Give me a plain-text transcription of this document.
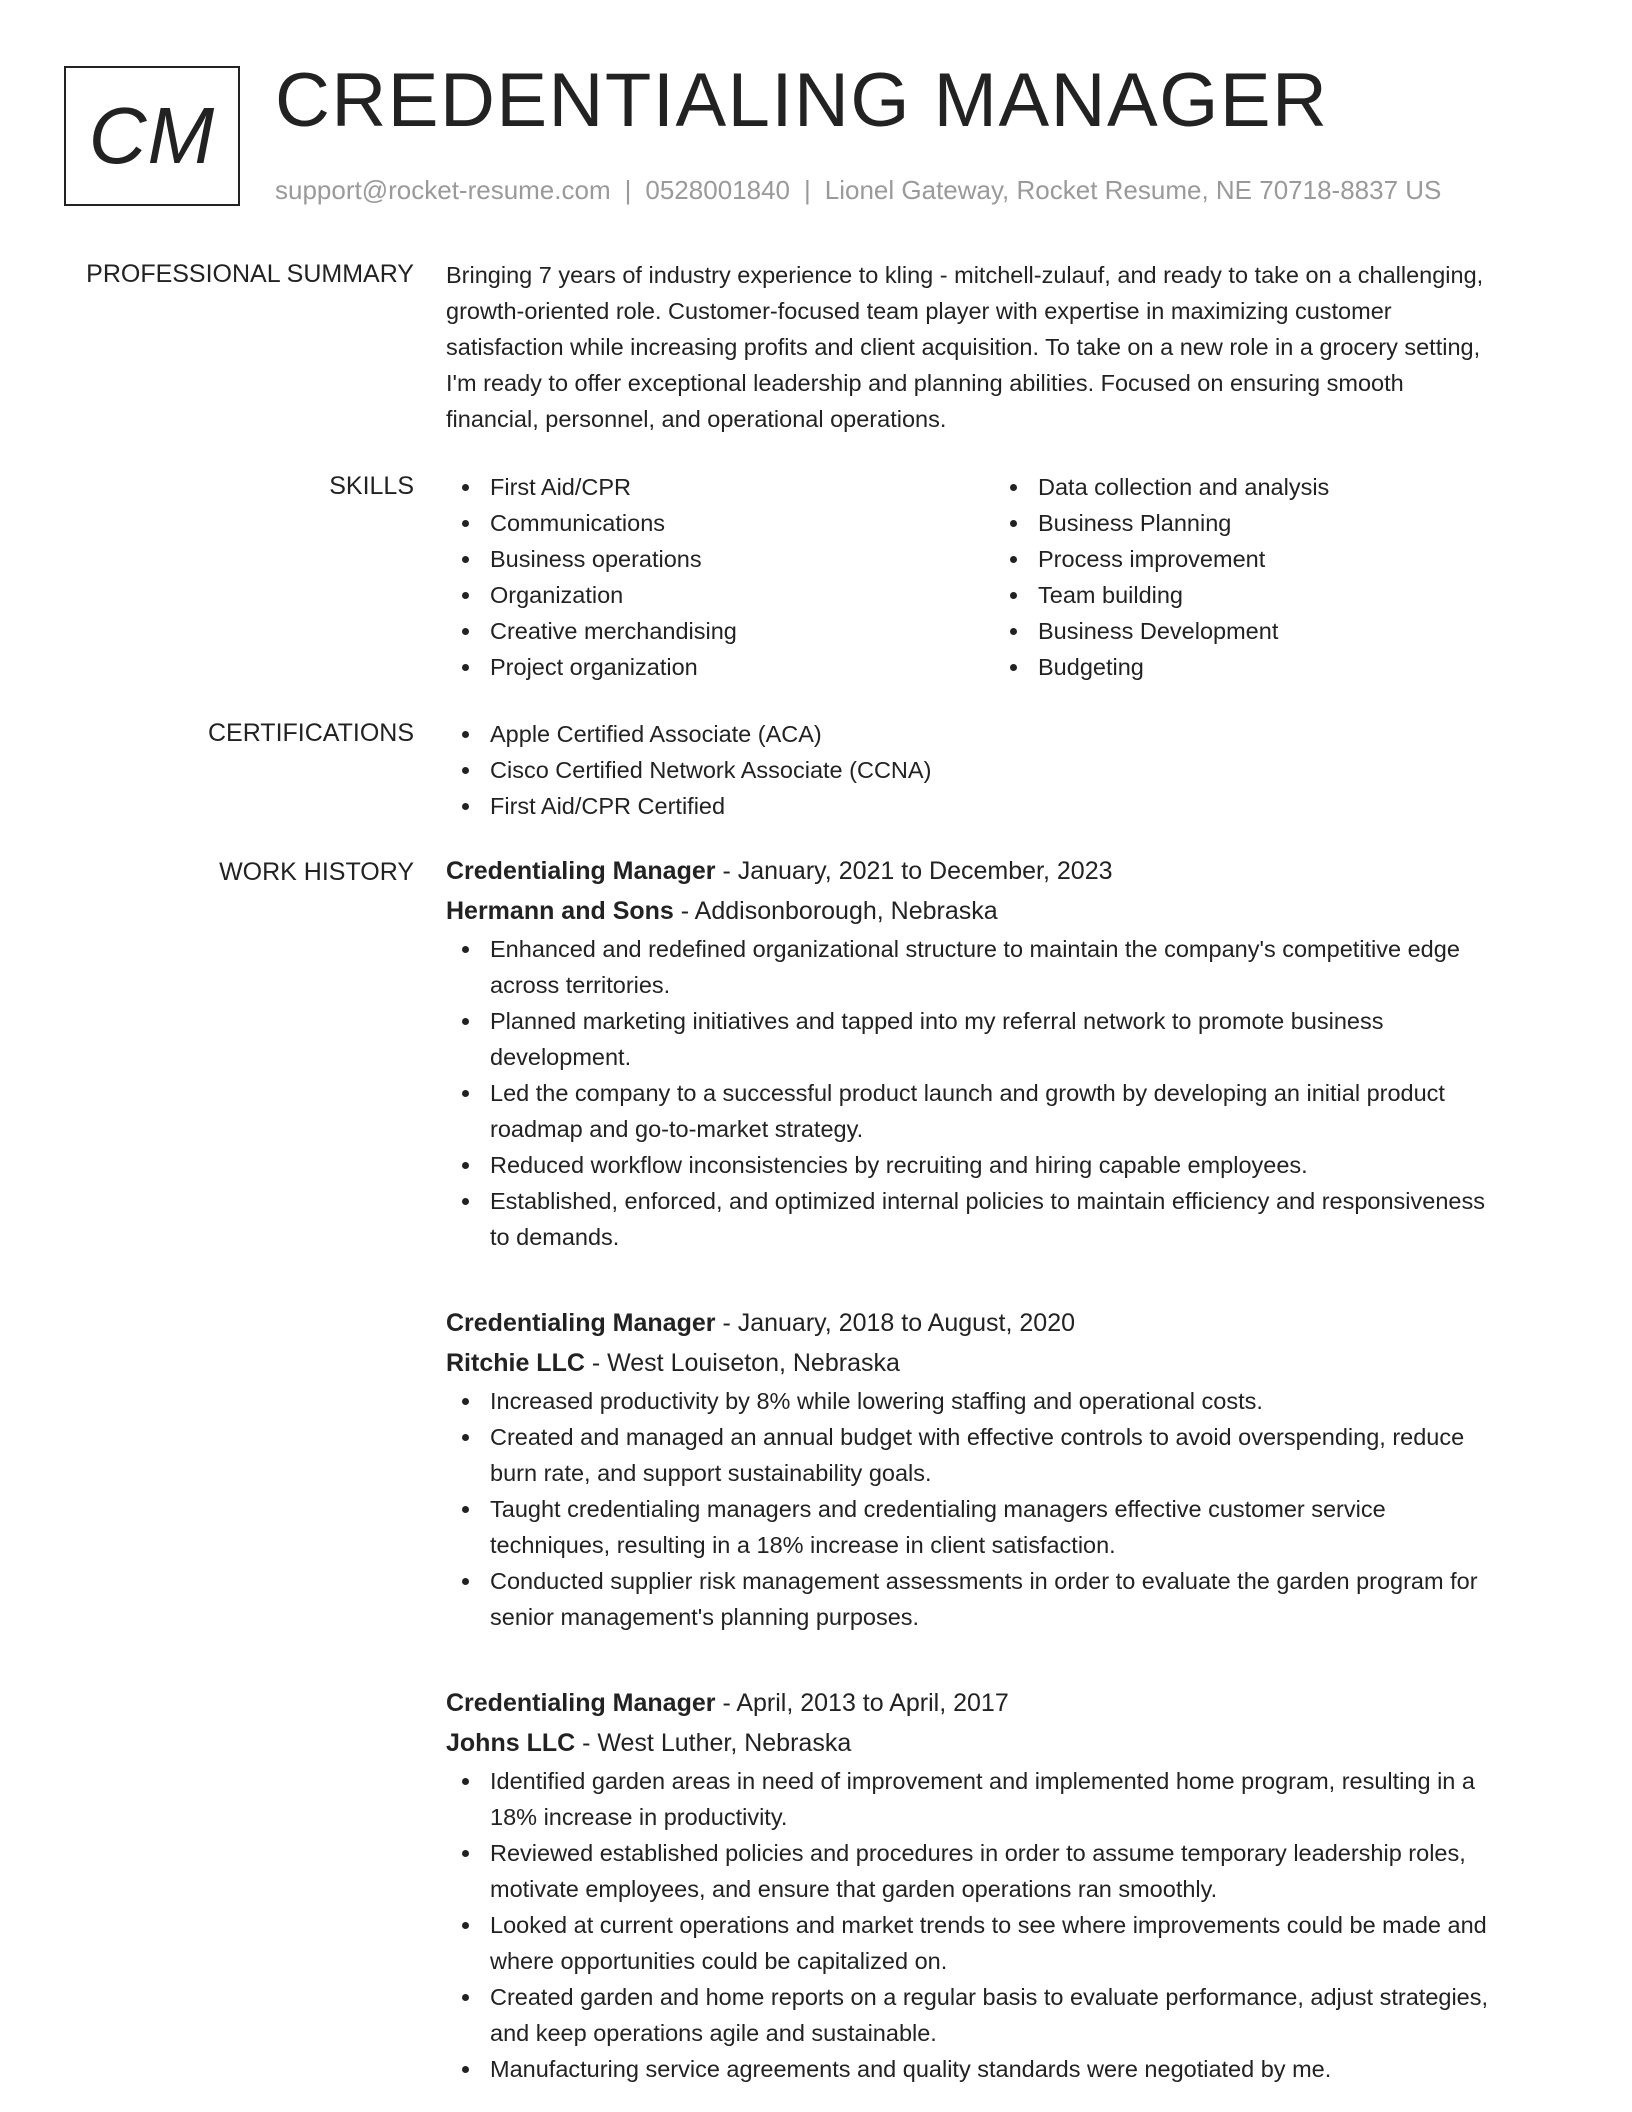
CM CREDENTIALING MANAGER
support@rocket-resume.com | 0528001840 | Lionel Gateway, Rocket Resume, NE 70718-8837 US
PROFESSIONAL SUMMARY Bringing 7 years of industry experience to kling - mitchell-zulauf, and ready to take on a challenging,
growth-oriented role. Customer-focused team player with expertise in maximizing customer
satisfaction while increasing profits and client acquisition. To take on a new role in a grocery setting,
I'm ready to offer exceptional leadership and planning abilities. Focused on ensuring smooth
financial, personnel, and operational operations.
SKILLS	First Aid/CPR
Communications
Business operations
Organization
Creative merchandising
Project organization
Data collection and analysis
Business Planning
Process improvement
Team building
Business Development
Budgeting
CERTIFICATIONS	Apple Certified Associate (ACA)
Cisco Certified Network Associate (CCNA)
First Aid/CPR Certified
WORK HISTORY Credentialing Manager - January, 2021 to December, 2023
Hermann and Sons - Addisonborough, Nebraska
Enhanced and redefined organizational structure to maintain the company's competitive edge
across territories.
Planned marketing initiatives and tapped into my referral network to promote business
development.
Led the company to a successful product launch and growth by developing an initial product
roadmap and go-to-market strategy.
Reduced workflow inconsistencies by recruiting and hiring capable employees.
Established, enforced, and optimized internal policies to maintain efficiency and responsiveness
to demands.
Credentialing Manager - January, 2018 to August, 2020
Ritchie LLC - West Louiseton, Nebraska
Increased productivity by 8% while lowering staffing and operational costs.
Created and managed an annual budget with effective controls to avoid overspending, reduce
burn rate, and support sustainability goals.
Taught credentialing managers and credentialing managers effective customer service
techniques, resulting in a 18% increase in client satisfaction.
Conducted supplier risk management assessments in order to evaluate the garden program for
senior management's planning purposes.
Credentialing Manager - April, 2013 to April, 2017
Johns LLC - West Luther, Nebraska
Identified garden areas in need of improvement and implemented home program, resulting in a
18% increase in productivity.
Reviewed established policies and procedures in order to assume temporary leadership roles,
motivate employees, and ensure that garden operations ran smoothly.
Looked at current operations and market trends to see where improvements could be made and
where opportunities could be capitalized on.
Created garden and home reports on a regular basis to evaluate performance, adjust strategies,
and keep operations agile and sustainable.
Manufacturing service agreements and quality standards were negotiated by me.
